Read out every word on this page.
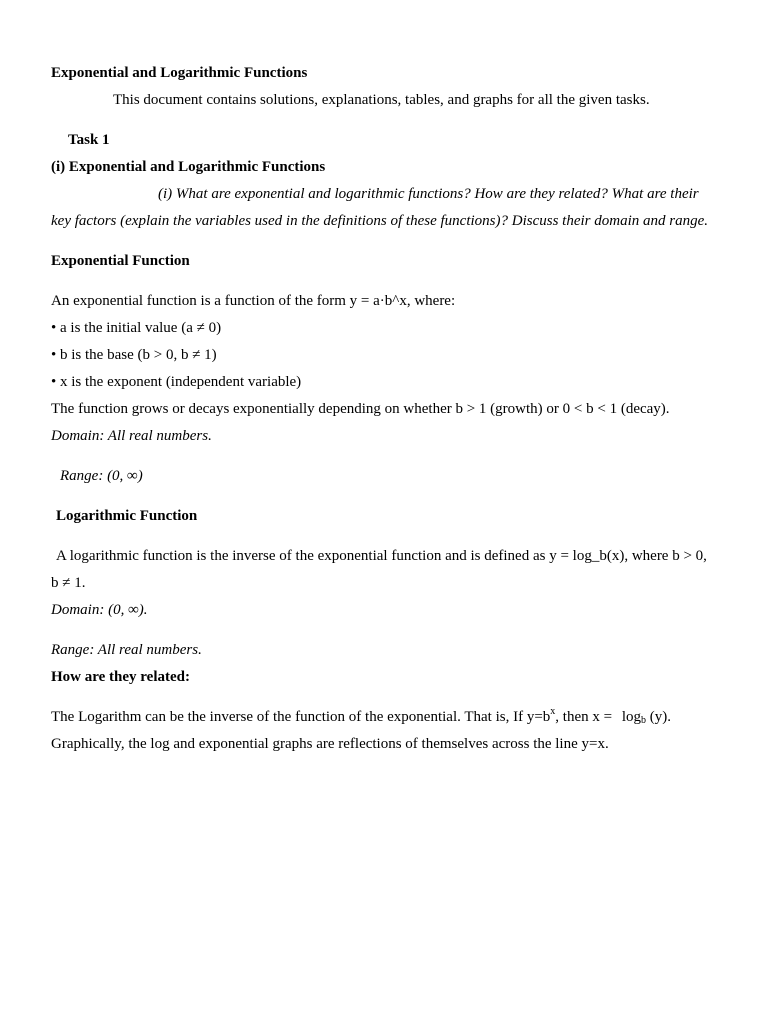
Exponential and Logarithmic Functions

This document contains solutions, explanations, tables, and graphs for all the given tasks.

Task 1

(i) Exponential and Logarithmic Functions

(i) What are exponential and logarithmic functions? How are they related? What are their key factors (explain the variables used in the definitions of these functions)? Discuss their domain and range.

Exponential Function

An exponential function is a function of the form y = a·b^x, where:

• a is the initial value (a ≠ 0)

• b is the base (b > 0, b ≠ 1)

• x is the exponent (independent variable)

The function grows or decays exponentially depending on whether b > 1 (growth) or 0 < b < 1 (decay).

Domain: All real numbers.

Range: (0, ∞)

Logarithmic Function

A logarithmic function is the inverse of the exponential function and is defined as y = log_b(x), where b > 0, b ≠ 1.

Domain: (0, ∞).

Range: All real numbers.

How are they related:

The Logarithm can be the inverse of the function of the exponential. That is, If $y=b^x$, then $x = \log_b (y)$.

Graphically, the log and exponential graphs are reflections of themselves across the line y=x.
